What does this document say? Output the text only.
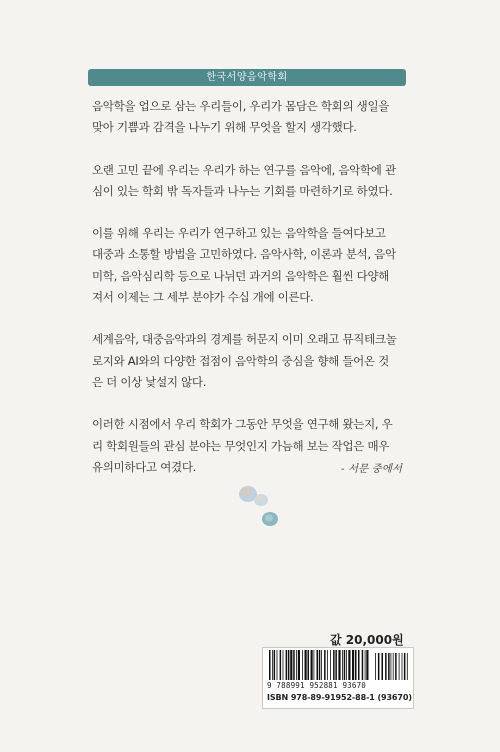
한국서양음악학회

음악학을 업으로 삼는 우리들이, 우리가 몸담은 학회의 생일을
맞아 기쁨과 감격을 나누기 위해 무엇을 할지 생각했다.

오랜 고민 끝에 우리는 우리가 하는 연구를 음악에, 음악학에 관
심이 있는 학회 밖 독자들과 나누는 기회를 마련하기로 하였다.

이를 위해 우리는 우리가 연구하고 있는 음악학을 들여다보고
대중과 소통할 방법을 고민하였다. 음악사학, 이론과 분석, 음악
미학, 음악심리학 등으로 나뉘던 과거의 음악학은 훨씬 다양해
져서 이제는 그 세부 분야가 수십 개에 이른다.

세계음악, 대중음악과의 경계를 허문지 이미 오래고 뮤직테크놀
로지와 AI와의 다양한 접점이 음악학의 중심을 향해 들어온 것
은 더 이상 낯설지 않다.

이러한 시점에서 우리 학회가 그동안 무엇을 연구해 왔는지, 우
리 학회원들의 관심 분야는 무엇인지 가늠해 보는 작업은 매우
유의미하다고 여겼다.	- 서문 중에서
값 20,000원
9 788991 952881 93670
ISBN 978-89-91952-88-1 (93670)
